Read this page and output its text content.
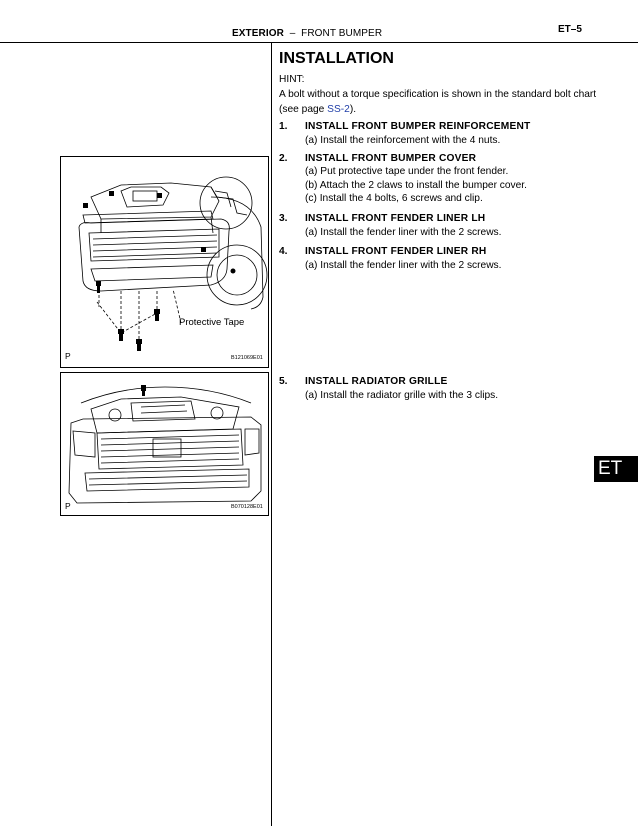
EXTERIOR – FRONT BUMPER	ET–5
INSTALLATION
HINT:
A bolt without a torque specification is shown in the standard bolt chart (see page SS-2).
1. INSTALL FRONT BUMPER REINFORCEMENT
(a) Install the reinforcement with the 4 nuts.
2. INSTALL FRONT BUMPER COVER
(a) Put protective tape under the front fender.
(b) Attach the 2 claws to install the bumper cover.
(c) Install the 4 bolts, 6 screws and clip.
3. INSTALL FRONT FENDER LINER LH
(a) Install the fender liner with the 2 screws.
4. INSTALL FRONT FENDER LINER RH
(a) Install the fender liner with the 2 screws.
5. INSTALL RADIATOR GRILLE
(a) Install the radiator grille with the 3 clips.
Protective Tape
P	B121069E01
P	B070128E01
ET
